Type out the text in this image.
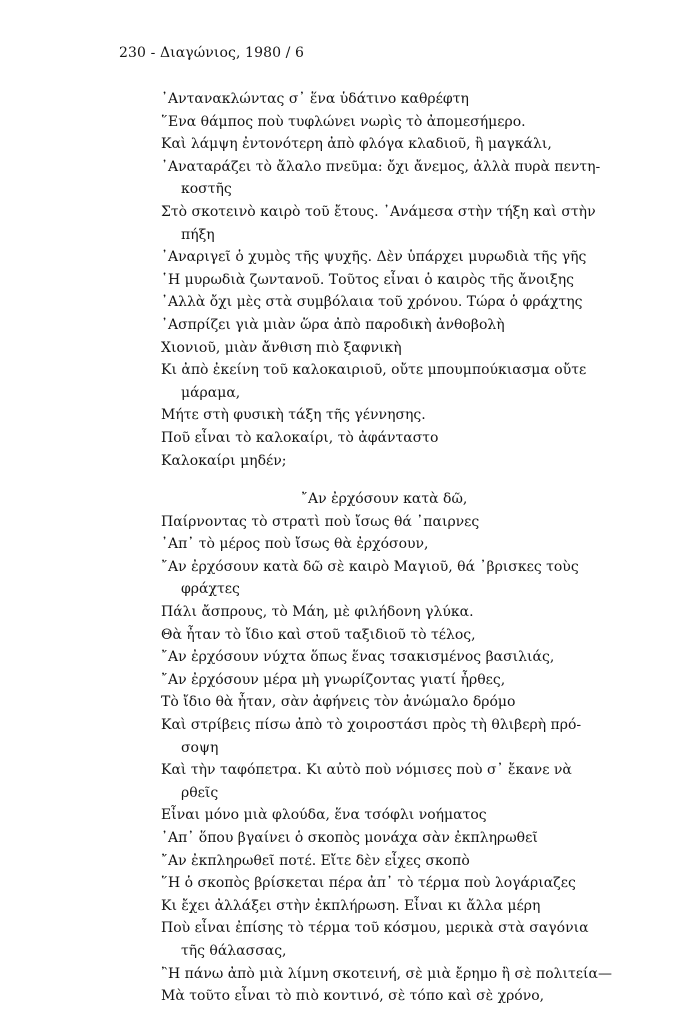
230 - Διαγώνιος, 1980 / 6
᾿Αντανακλώντας σ᾿ ἕνα ὑδάτινο καθρέφτη
῞Ενα θάμπος ποὺ τυφλώνει νωρὶς τὸ ἀπομεσήμερο.
Καὶ λάμψη ἐντονότερη ἀπὸ φλόγα κλαδιοῦ, ἢ μαγκάλι,
᾿Αναταράζει τὸ ἄλαλο πνεῦμα: ὄχι ἄνεμος, ἀλλὰ πυρὰ πεντη-
κοστῆς
Στὸ σκοτεινὸ καιρὸ τοῦ ἔτους. ᾿Ανάμεσα στὴν τήξη καὶ στὴν
πήξη
᾿Αναριγεῖ ὁ χυμὸς τῆς ψυχῆς. Δὲν ὑπάρχει μυρωδιὰ τῆς γῆς
῾Η μυρωδιὰ ζωντανοῦ. Τοῦτος εἶναι ὁ καιρὸς τῆς ἄνοιξης
᾿Αλλὰ ὄχι μὲς στὰ συμβόλαια τοῦ χρόνου. Τώρα ὁ φράχτης
᾿Ασπρίζει γιὰ μιὰν ὥρα ἀπὸ παροδικὴ ἀνθοβολὴ
Χιονιοῦ, μιὰν ἄνθιση πιὸ ξαφνικὴ
Κι ἀπὸ ἐκείνη τοῦ καλοκαιριοῦ, οὔτε μπουμπούκιασμα οὔτε
μάραμα,
Μήτε στὴ φυσικὴ τάξη τῆς γέννησης.
Ποῦ εἶναι τὸ καλοκαίρι, τὸ ἀφάνταστο
Καλοκαίρι μηδέν;
῎Αν ἐρχόσουν κατὰ δῶ,
Παίρνοντας τὸ στρατὶ ποὺ ἴσως θά ᾿παιρνες
᾿Απ᾿ τὸ μέρος ποὺ ἴσως θὰ ἐρχόσουν,
῎Αν ἐρχόσουν κατὰ δῶ σὲ καιρὸ Μαγιοῦ, θά ᾿βρισκες τοὺς
φράχτες
Πάλι ἄσπρους, τὸ Μάη, μὲ φιλήδονη γλύκα.
Θὰ ἦταν τὸ ἴδιο καὶ στοῦ ταξιδιοῦ τὸ τέλος,
῎Αν ἐρχόσουν νύχτα ὅπως ἕνας τσακισμένος βασιλιάς,
῎Αν ἐρχόσουν μέρα μὴ γνωρίζοντας γιατί ἦρθες,
Τὸ ἴδιο θὰ ἦταν, σὰν ἀφήνεις τὸν ἀνώμαλο δρόμο
Καὶ στρίβεις πίσω ἀπὸ τὸ χοιροστάσι πρὸς τὴ θλιβερὴ πρό-
σοψη
Καὶ τὴν ταφόπετρα. Κι αὐτὸ ποὺ νόμισες ποὺ σ᾿ ἔκανε νὰ
ρθεῖς
Εἶναι μόνο μιὰ φλούδα, ἕνα τσόφλι νοήματος
᾿Απ᾿ ὅπου βγαίνει ὁ σκοπὸς μονάχα σὰν ἐκπληρωθεῖ
῎Αν ἐκπληρωθεῖ ποτέ. Εἴτε δὲν εἶχες σκοπὸ
῞Η ὁ σκοπὸς βρίσκεται πέρα ἀπ᾿ τὸ τέρμα ποὺ λογάριαζες
Κι ἔχει ἀλλάξει στὴν ἐκπλήρωση. Εἶναι κι ἄλλα μέρη
Ποὺ εἶναι ἐπίσης τὸ τέρμα τοῦ κόσμου, μερικὰ στὰ σαγόνια
τῆς θάλασσας,
῍Η πάνω ἀπὸ μιὰ λίμνη σκοτεινή, σὲ μιὰ ἔρημο ἢ σὲ πολιτεία—
Μὰ τοῦτο εἶναι τὸ πιὸ κοντινό, σὲ τόπο καὶ σὲ χρόνο,
